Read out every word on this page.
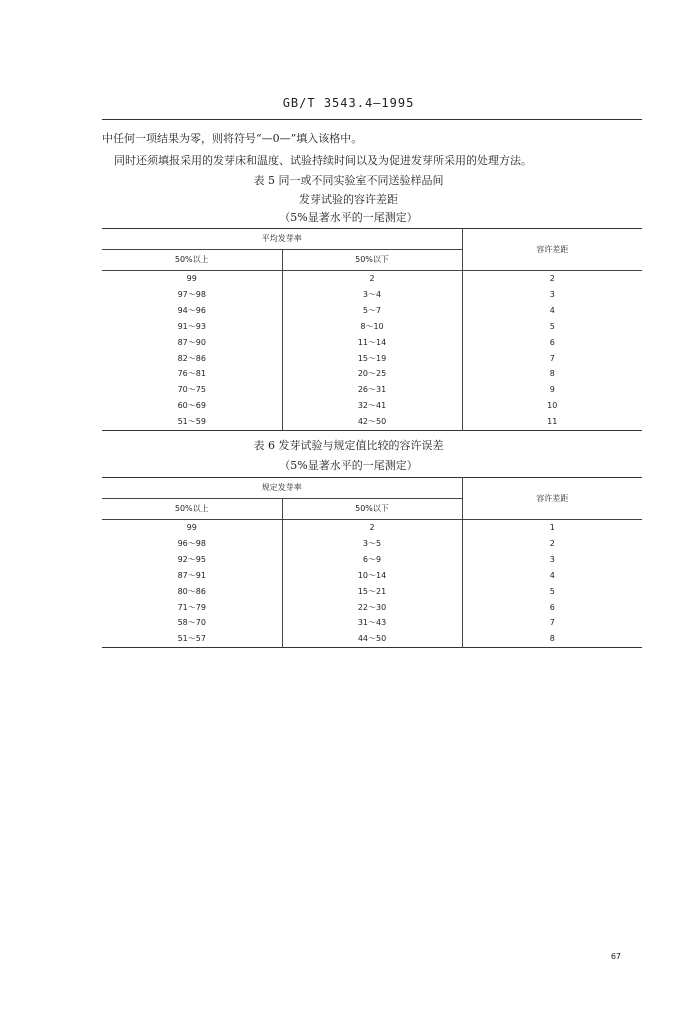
GB/T 3543.4—1995
中任何一项结果为零，则将符号“—0—”填入该格中。
同时还须填报采用的发芽床和温度、试验持续时间以及为促进发芽所采用的处理方法。
表 5 同一或不同实验室不同送验样品间
发芽试验的容许差距
（5%显著水平的一尾测定）
平均发芽率		容许差距
50%以上	50%以下	
99	2	2
97～98	3～4	3
94～96	5～7	4
91～93	8～10	5
87～90	11～14	6
82～86	15～19	7
76～81	20～25	8
70～75	26～31	9
60～69	32～41	10
51～59	42～50	11
表 6 发芽试验与规定值比较的容许误差
（5%显著水平的一尾测定）
规定发芽率		容许差距
50%以上	50%以下	
99	2	1
96～98	3～5	2
92～95	6～9	3
87～91	10～14	4
80～86	15～21	5
71～79	22～30	6
58～70	31～43	7
51～57	44～50	8
67
